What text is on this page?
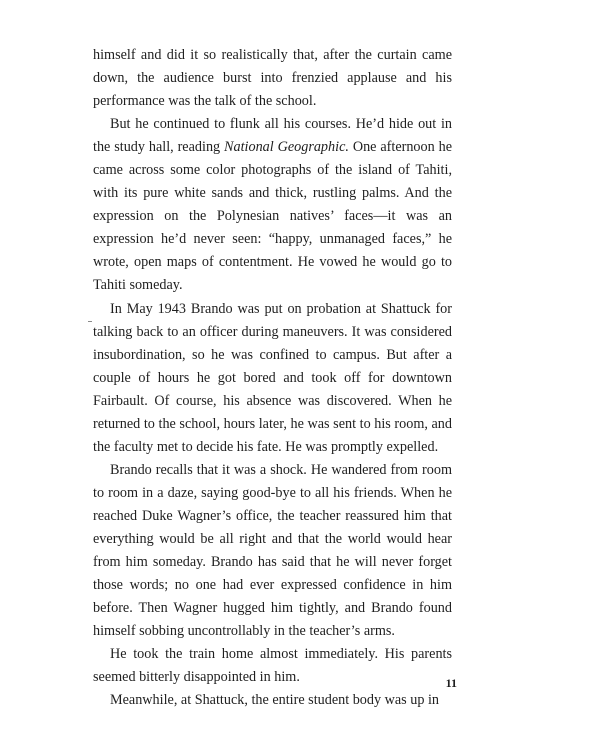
himself and did it so realistically that, after the curtain came down, the audience burst into frenzied applause and his performance was the talk of the school.

But he continued to flunk all his courses. He’d hide out in the study hall, reading National Geographic. One afternoon he came across some color photographs of the island of Tahiti, with its pure white sands and thick, rustling palms. And the expression on the Polynesian natives’ faces—it was an expression he’d never seen: “happy, unmanaged faces,” he wrote, open maps of contentment. He vowed he would go to Tahiti someday.

In May 1943 Brando was put on probation at Shattuck for talking back to an officer during maneuvers. It was considered insubordination, so he was confined to campus. But after a couple of hours he got bored and took off for downtown Fairbault. Of course, his absence was discovered. When he returned to the school, hours later, he was sent to his room, and the faculty met to decide his fate. He was promptly expelled.

Brando recalls that it was a shock. He wandered from room to room in a daze, saying good-bye to all his friends. When he reached Duke Wagner’s office, the teacher reassured him that everything would be all right and that the world would hear from him someday. Brando has said that he will never forget those words; no one had ever expressed confidence in him before. Then Wagner hugged him tightly, and Brando found himself sobbing uncontrollably in the teacher’s arms.

He took the train home almost immediately. His parents seemed bitterly disappointed in him.

Meanwhile, at Shattuck, the entire student body was up in

11
